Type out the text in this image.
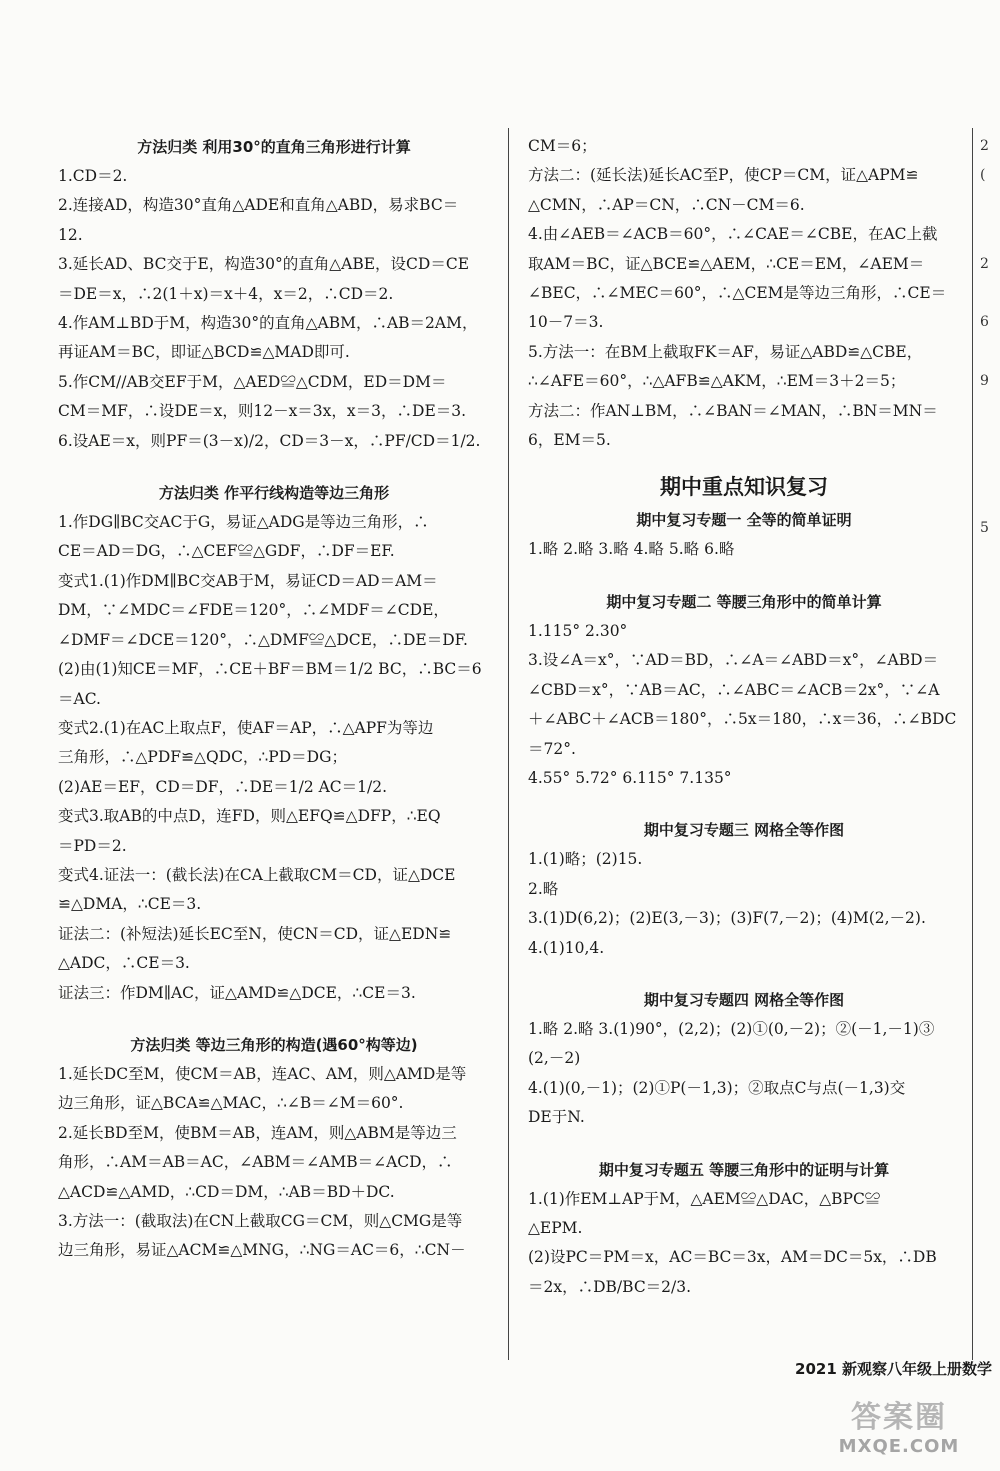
方法归类 利用30°的直角三角形进行计算
1.CD＝2.
2.连接AD，构造30°直角△ADE和直角△ABD，易求BC＝
12.
3.延长AD、BC交于E，构造30°的直角△ABE，设CD＝CE
＝DE＝x，∴2(1＋x)＝x＋4，x＝2，∴CD＝2.
4.作AM⊥BD于M，构造30°的直角△ABM，∴AB＝2AM，
再证AM＝BC，即证△BCD≌△MAD即可.
5.作CM//AB交EF于M，△AED≌△CDM，ED＝DM＝
CM＝MF，∴设DE＝x，则12－x＝3x，x＝3，∴DE＝3.
6.设AE＝x，则PF＝(3－x)/2，CD＝3－x，∴PF/CD＝1/2.
方法归类 作平行线构造等边三角形
1.作DG∥BC交AC于G，易证△ADG是等边三角形，∴
CE＝AD＝DG，∴△CEF≌△GDF，∴DF＝EF.
变式1.(1)作DM∥BC交AB于M，易证CD＝AD＝AM＝
DM，∵∠MDC＝∠FDE＝120°，∴∠MDF＝∠CDE，
∠DMF＝∠DCE＝120°，∴△DMF≌△DCE，∴DE＝DF.
(2)由(1)知CE＝MF，∴CE＋BF＝BM＝1/2 BC，∴BC＝6
＝AC.
变式2.(1)在AC上取点F，使AF＝AP，∴△APF为等边
三角形，∴△PDF≌△QDC，∴PD＝DG；
(2)AE＝EF，CD＝DF，∴DE＝1/2 AC＝1/2.
变式3.取AB的中点D，连FD，则△EFQ≌△DFP，∴EQ
＝PD＝2.
变式4.证法一：(截长法)在CA上截取CM＝CD，证△DCE
≌△DMA，∴CE＝3.
证法二：(补短法)延长EC至N，使CN＝CD，证△EDN≌
△ADC，∴CE＝3.
证法三：作DM∥AC，证△AMD≌△DCE，∴CE＝3.
方法归类 等边三角形的构造(遇60°构等边)
1.延长DC至M，使CM＝AB，连AC、AM，则△AMD是等
边三角形，证△BCA≌△MAC，∴∠B＝∠M＝60°.
2.延长BD至M，使BM＝AB，连AM，则△ABM是等边三
角形，∴AM＝AB＝AC，∠ABM＝∠AMB＝∠ACD，∴
△ACD≌△AMD，∴CD＝DM，∴AB＝BD＋DC.
3.方法一：(截取法)在CN上截取CG＝CM，则△CMG是等
边三角形，易证△ACM≌△MNG，∴NG＝AC＝6，∴CN－
CM＝6；
方法二：(延长法)延长AC至P，使CP＝CM，证△APM≌
△CMN，∴AP＝CN，∴CN－CM＝6.
4.由∠AEB＝∠ACB＝60°，∴∠CAE＝∠CBE，在AC上截
取AM＝BC，证△BCE≌△AEM，∴CE＝EM，∠AEM＝
∠BEC，∴∠MEC＝60°，∴△CEM是等边三角形，∴CE＝
10－7＝3.
5.方法一：在BM上截取FK＝AF，易证△ABD≌△CBE，
∴∠AFE＝60°，∴△AFB≌△AKM，∴EM＝3＋2＝5；
方法二：作AN⊥BM，∴∠BAN＝∠MAN，∴BN＝MN＝
6，EM＝5.
期中重点知识复习
期中复习专题一 全等的简单证明
1.略 2.略 3.略 4.略 5.略 6.略
期中复习专题二 等腰三角形中的简单计算
1.115° 2.30°
3.设∠A＝x°，∵AD＝BD，∴∠A＝∠ABD＝x°，∠ABD＝
∠CBD＝x°，∵AB＝AC，∴∠ABC＝∠ACB＝2x°，∵∠A
＋∠ABC＋∠ACB＝180°，∴5x＝180，∴x＝36，∴∠BDC
＝72°.
4.55° 5.72° 6.115° 7.135°
期中复习专题三 网格全等作图
1.(1)略；(2)15.
2.略
3.(1)D(6,2)；(2)E(3,－3)；(3)F(7,－2)；(4)M(2,－2).
4.(1)10,4.
期中复习专题四 网格全等作图
1.略 2.略 3.(1)90°，(2,2)；(2)①(0,－2)；②(－1,－1)③
(2,－2)
4.(1)(0,－1)；(2)①P(－1,3)；②取点C与点(－1,3)交
DE于N.
期中复习专题五 等腰三角形中的证明与计算
1.(1)作EM⊥AP于M，△AEM≌△DAC，△BPC≌
△EPM.
(2)设PC＝PM＝x，AC＝BC＝3x，AM＝DC＝5x，∴DB
＝2x，∴DB/BC＝2/3.
2
(
2
6
9
5
2021 新观察八年级上册数学
答案圈
MXQE.COM
